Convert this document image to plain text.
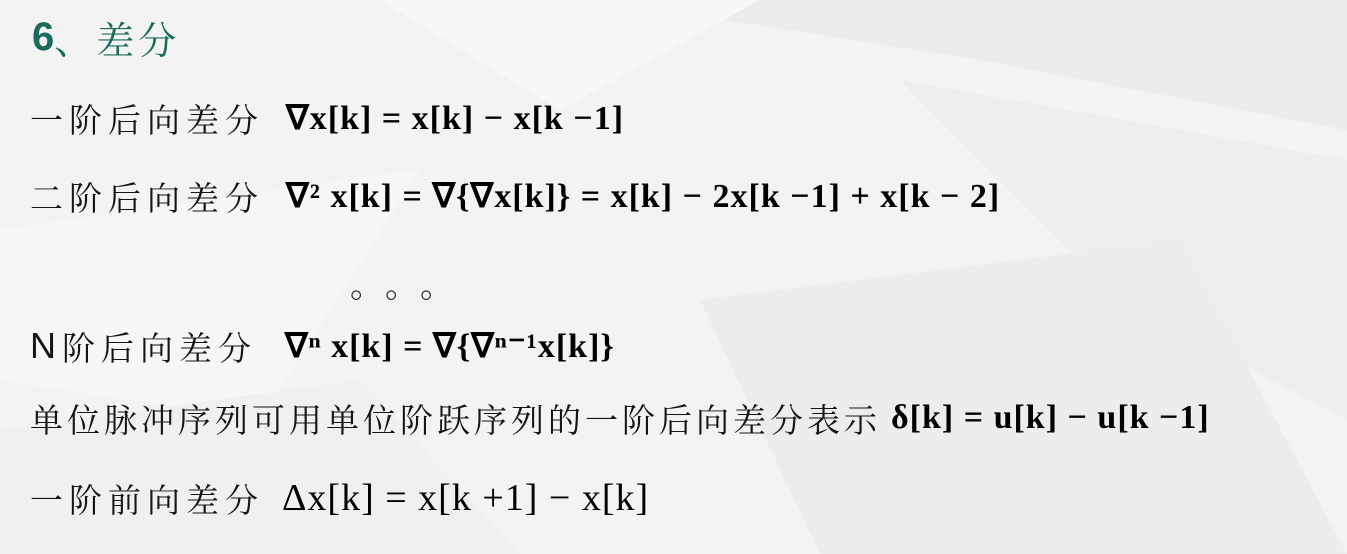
6 、 差分
一阶后向差分 ∇x[k] = x[k] − x[k −1]
二阶后向差分 ∇² x[k] = ∇{∇x[k]} = x[k] − 2x[k −1] + x[k − 2]
。。。
N 阶后向差分 ∇ⁿ x[k] = ∇{∇ⁿ⁻¹x[k]}
单位脉冲序列可用单位阶跃序列的一阶后向差分表示 δ[k] = u[k] − u[k −1]
一阶前向差分 Δx[k] = x[k +1] − x[k]
